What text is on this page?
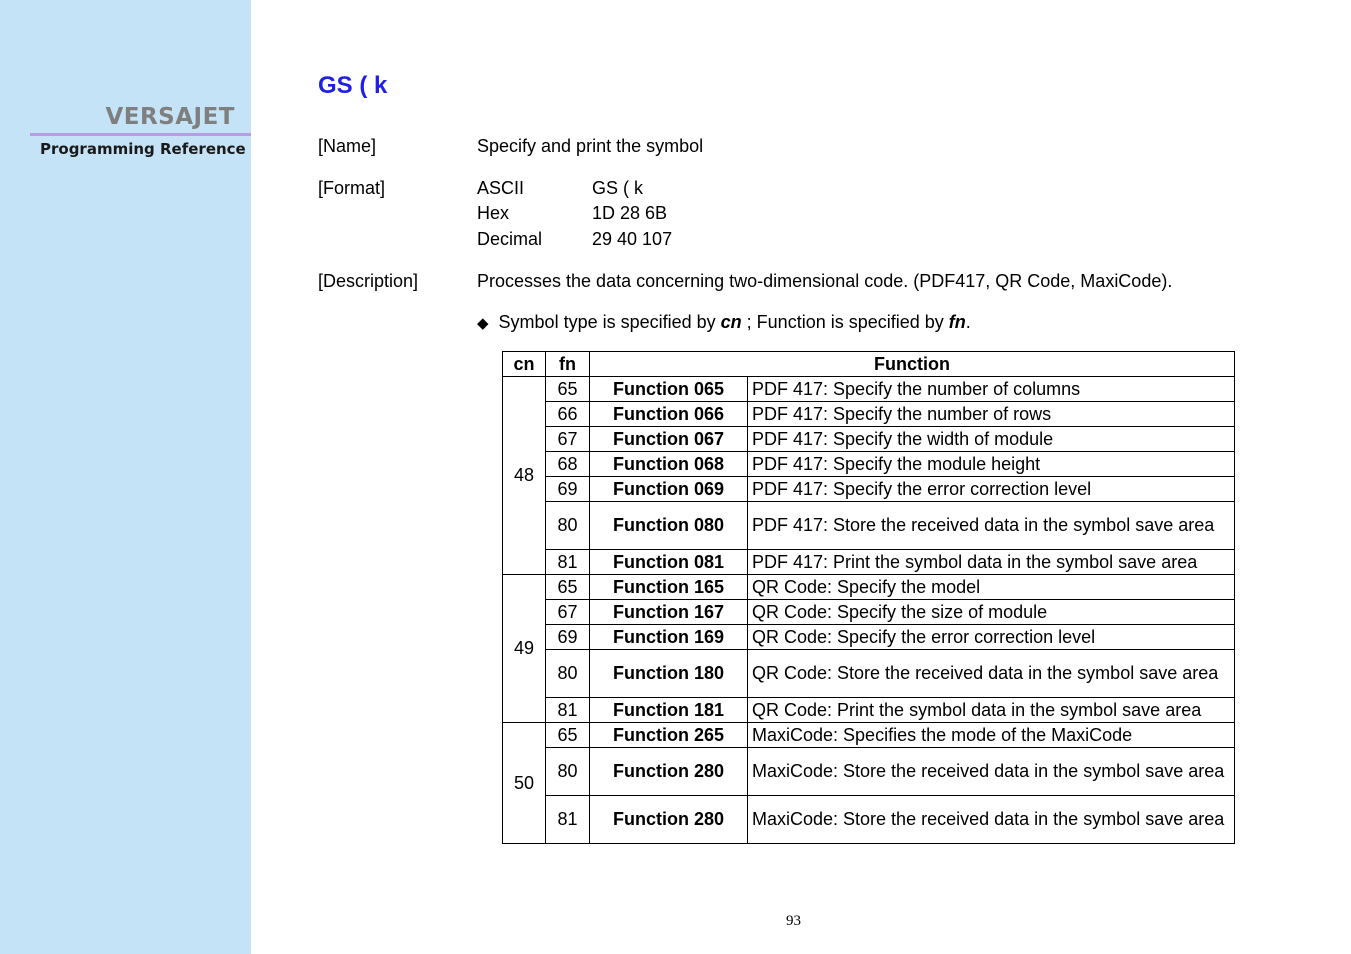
VERSAJET
Programming Reference
GS ( k
[Name]	Specify and print the symbol
[Format]	ASCII	GS ( k
Hex	1D 28 6B
Decimal	29 40 107
[Description]	Processes the data concerning two-dimensional code. (PDF417, QR Code, MaxiCode).
◆ Symbol type is specified by cn ; Function is specified by fn.
cn	fn	Function	
48	65	Function 065	PDF 417: Specify the number of columns
	66	Function 066	PDF 417: Specify the number of rows
	67	Function 067	PDF 417: Specify the width of module
	68	Function 068	PDF 417: Specify the module height
	69	Function 069	PDF 417: Specify the error correction level
	80	Function 080	PDF 417: Store the received data in the symbol save area
	81	Function 081	PDF 417: Print the symbol data in the symbol save area
49	65	Function 165	QR Code: Specify the model
	67	Function 167	QR Code: Specify the size of module
	69	Function 169	QR Code: Specify the error correction level
	80	Function 180	QR Code: Store the received data in the symbol save area
	81	Function 181	QR Code: Print the symbol data in the symbol save area
50	65	Function 265	MaxiCode: Specifies the mode of the MaxiCode
	80	Function 280	MaxiCode: Store the received data in the symbol save area
	81	Function 280	MaxiCode: Store the received data in the symbol save area
93
